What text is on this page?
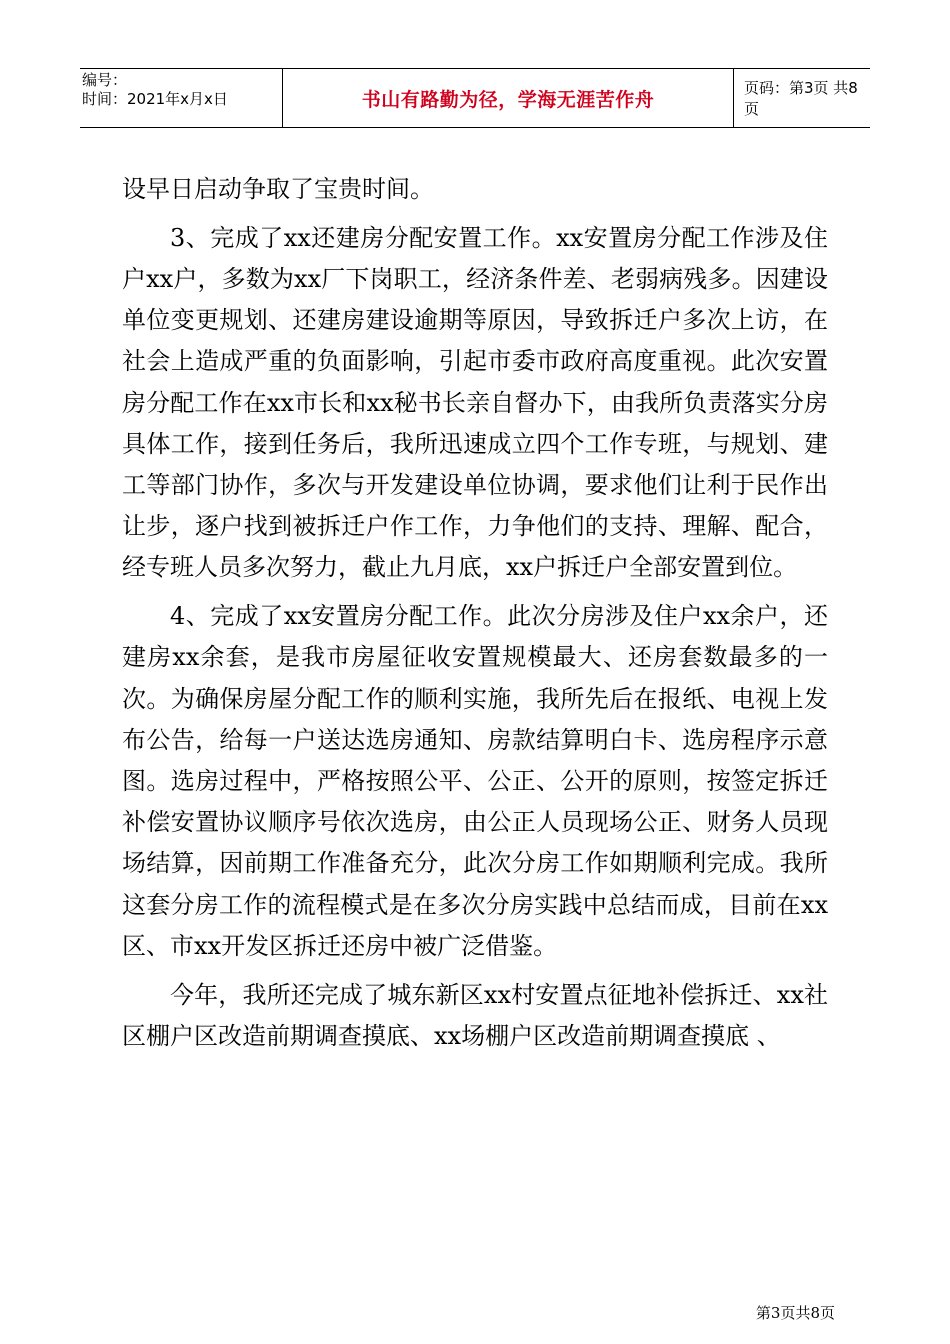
编号：
时间：2021年x月x日	书山有路勤为径，学海无涯苦作舟
页码：第3页 共8页

设早日启动争取了宝贵时间。

3、完成了xx还建房分配安置工作。xx安置房分配工作涉及住户xx户，多数为xx厂下岗职工，经济条件差、老弱病残多。因建设单位变更规划、还建房建设逾期等原因，导致拆迁户多次上访，在社会上造成严重的负面影响，引起市委市政府高度重视。此次安置房分配工作在xx市长和xx秘书长亲自督办下，由我所负责落实分房具体工作，接到任务后，我所迅速成立四个工作专班，与规划、建工等部门协作，多次与开发建设单位协调，要求他们让利于民作出让步，逐户找到被拆迁户作工作，力争他们的支持、理解、配合，经专班人员多次努力，截止九月底，xx户拆迁户全部安置到位。

4、完成了xx安置房分配工作。此次分房涉及住户xx余户，还建房xx余套，是我市房屋征收安置规模最大、还房套数最多的一次。为确保房屋分配工作的顺利实施，我所先后在报纸、电视上发布公告，给每一户送达选房通知、房款结算明白卡、选房程序示意图。选房过程中，严格按照公平、公正、公开的原则，按签定拆迁补偿安置协议顺序号依次选房，由公正人员现场公正、财务人员现场结算，因前期工作准备充分，此次分房工作如期顺利完成。我所这套分房工作的流程模式是在多次分房实践中总结而成，目前在xx区、市xx开发区拆迁还房中被广泛借鉴。

今年，我所还完成了城东新区xx村安置点征地补偿拆迁、xx社区棚户区改造前期调查摸底、xx场棚户区改造前期调查摸底 、

第3页共8页
